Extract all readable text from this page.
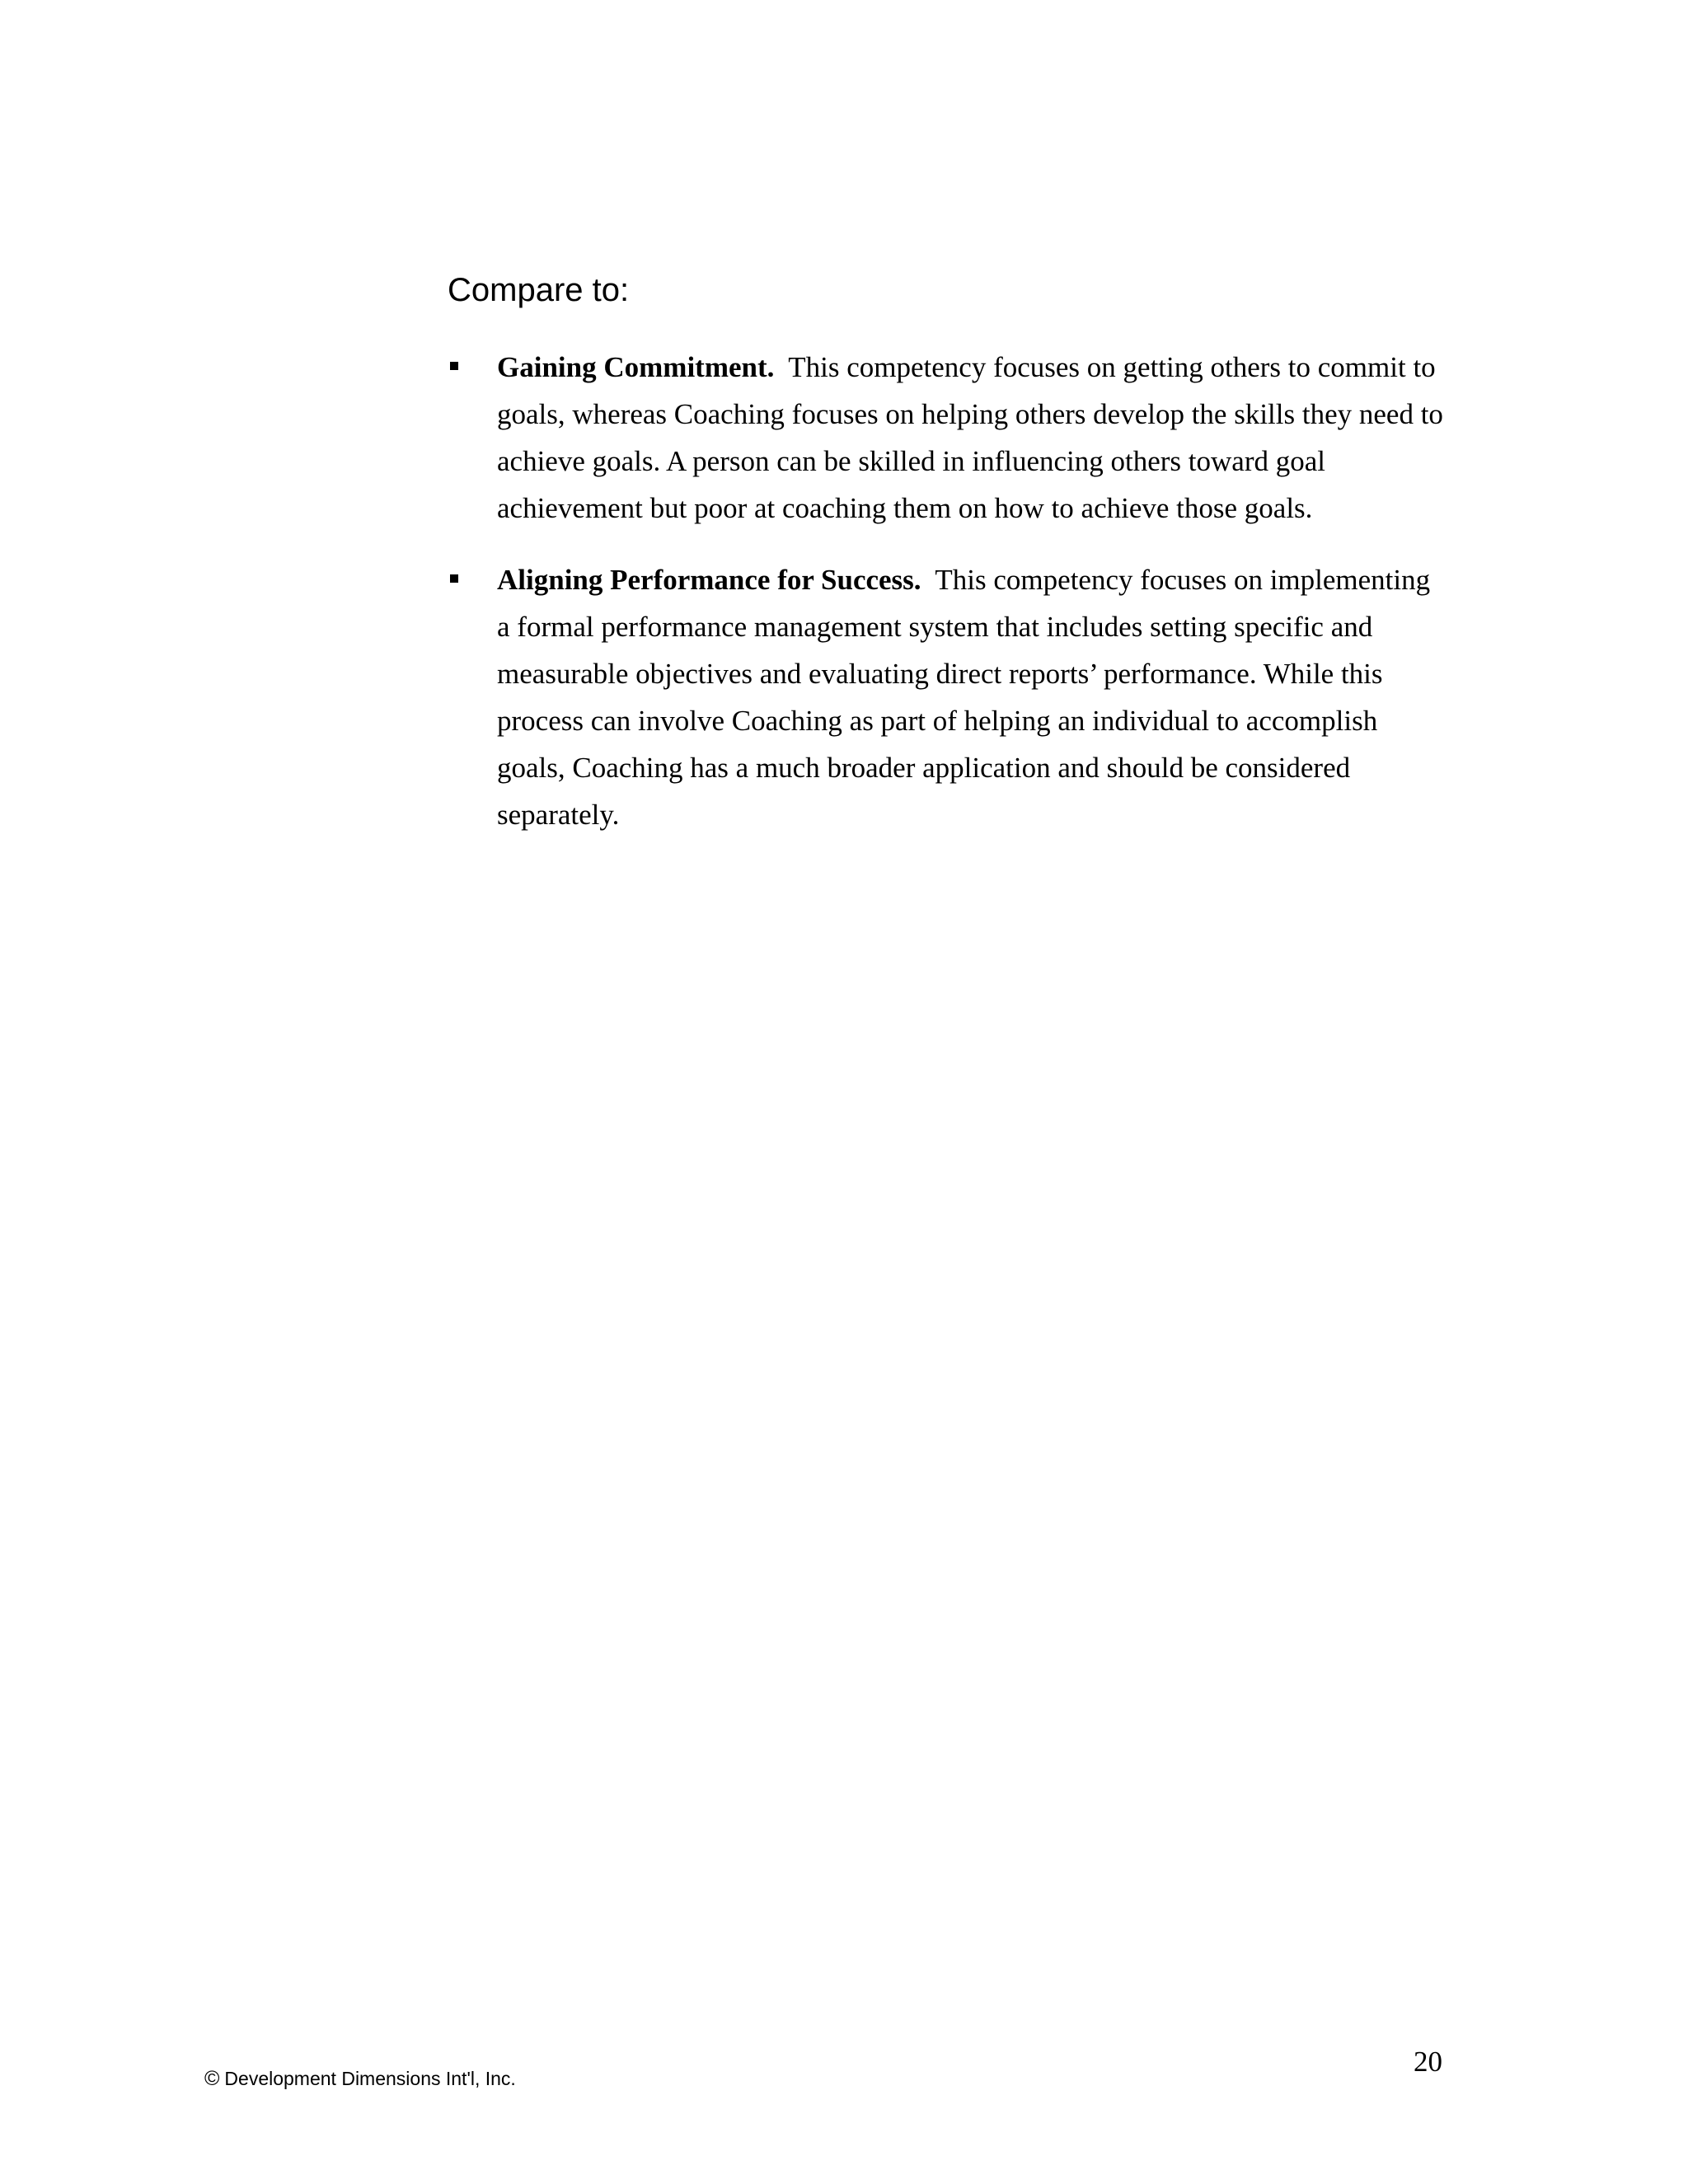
Compare to:
Gaining Commitment. This competency focuses on getting others to commit to goals, whereas Coaching focuses on helping others develop the skills they need to achieve goals. A person can be skilled in influencing others toward goal achievement but poor at coaching them on how to achieve those goals.
Aligning Performance for Success. This competency focuses on implementing a formal performance management system that includes setting specific and measurable objectives and evaluating direct reports’ performance. While this process can involve Coaching as part of helping an individual to accomplish goals, Coaching has a much broader application and should be considered separately.
© Development Dimensions Int'l, Inc.
20
